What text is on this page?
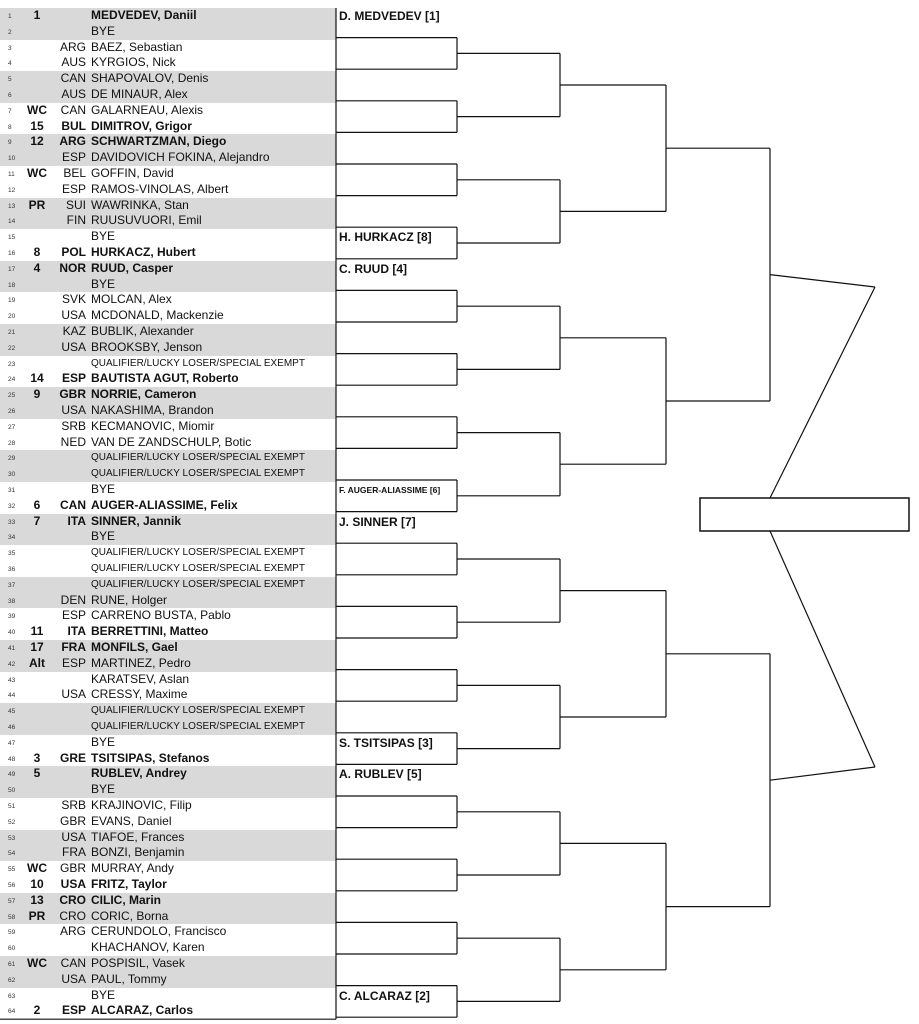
1	1	MEDVEDEV, Daniil
2	BYE
3	ARG BAEZ, Sebastian
4	AUS KYRGIOS, Nick
5	CAN SHAPOVALOV, Denis
6	AUS DE MINAUR, Alex
7 WC	CAN GALARNEAU, Alexis
8	15	BUL DIMITROV, Grigor
9	12	ARG SCHWARTZMAN, Diego
10	ESP DAVIDOVICH FOKINA, Alejandro
11 WC	BEL GOFFIN, David
12	ESP RAMOS-VINOLAS, Albert
13	PR	SUI WAWRINKA, Stan
14	FIN RUUSUVUORI, Emil
15	BYE
16	8	POL HURKACZ, Hubert
17	4	NOR RUUD, Casper
18	BYE
19	SVK MOLCAN, Alex
20	USA MCDONALD, Mackenzie
21	KAZ BUBLIK, Alexander
22	USA BROOKSBY, Jenson
23	QUALIFIER/LUCKY LOSER/SPECIAL EXEMPT
24	14	ESP BAUTISTA AGUT, Roberto
25	9	GBR NORRIE, Cameron
26	USA NAKASHIMA, Brandon
27	SRB KECMANOVIC, Miomir
28	NED VAN DE ZANDSCHULP, Botic
29	QUALIFIER/LUCKY LOSER/SPECIAL EXEMPT
30	QUALIFIER/LUCKY LOSER/SPECIAL EXEMPT
31	BYE
32	6	CAN AUGER-ALIASSIME, Felix
33	7	ITA SINNER, Jannik
34	BYE
35	QUALIFIER/LUCKY LOSER/SPECIAL EXEMPT
36	QUALIFIER/LUCKY LOSER/SPECIAL EXEMPT
37	QUALIFIER/LUCKY LOSER/SPECIAL EXEMPT
38	DEN RUNE, Holger
39	ESP CARRENO BUSTA, Pablo
40	11	ITA BERRETTINI, Matteo
41	17	FRA MONFILS, Gael
42	Alt	ESP MARTINEZ, Pedro
43	KARATSEV, Aslan
44	USA CRESSY, Maxime
45	QUALIFIER/LUCKY LOSER/SPECIAL EXEMPT
46	QUALIFIER/LUCKY LOSER/SPECIAL EXEMPT
47	BYE
48	3	GRE TSITSIPAS, Stefanos
49	5	RUBLEV, Andrey
50	BYE
51	SRB KRAJINOVIC, Filip
52	GBR EVANS, Daniel
53	USA TIAFOE, Frances
54	FRA BONZI, Benjamin
55 WC	GBR MURRAY, Andy
56	10	USA FRITZ, Taylor
57	13	CRO CILIC, Marin
58	PR	CRO CORIC, Borna
59	ARG CERUNDOLO, Francisco
60	KHACHANOV, Karen
61 WC	CAN POSPISIL, Vasek
62	USA PAUL, Tommy
63	BYE
64	2	ESP ALCARAZ, Carlos
D. MEDVEDEV [1]
H. HURKACZ [8]
C. RUUD [4]
F. AUGER-ALIASSIME [6]
J. SINNER [7]
S. TSITSIPAS [3]
A. RUBLEV [5]
C. ALCARAZ [2]
